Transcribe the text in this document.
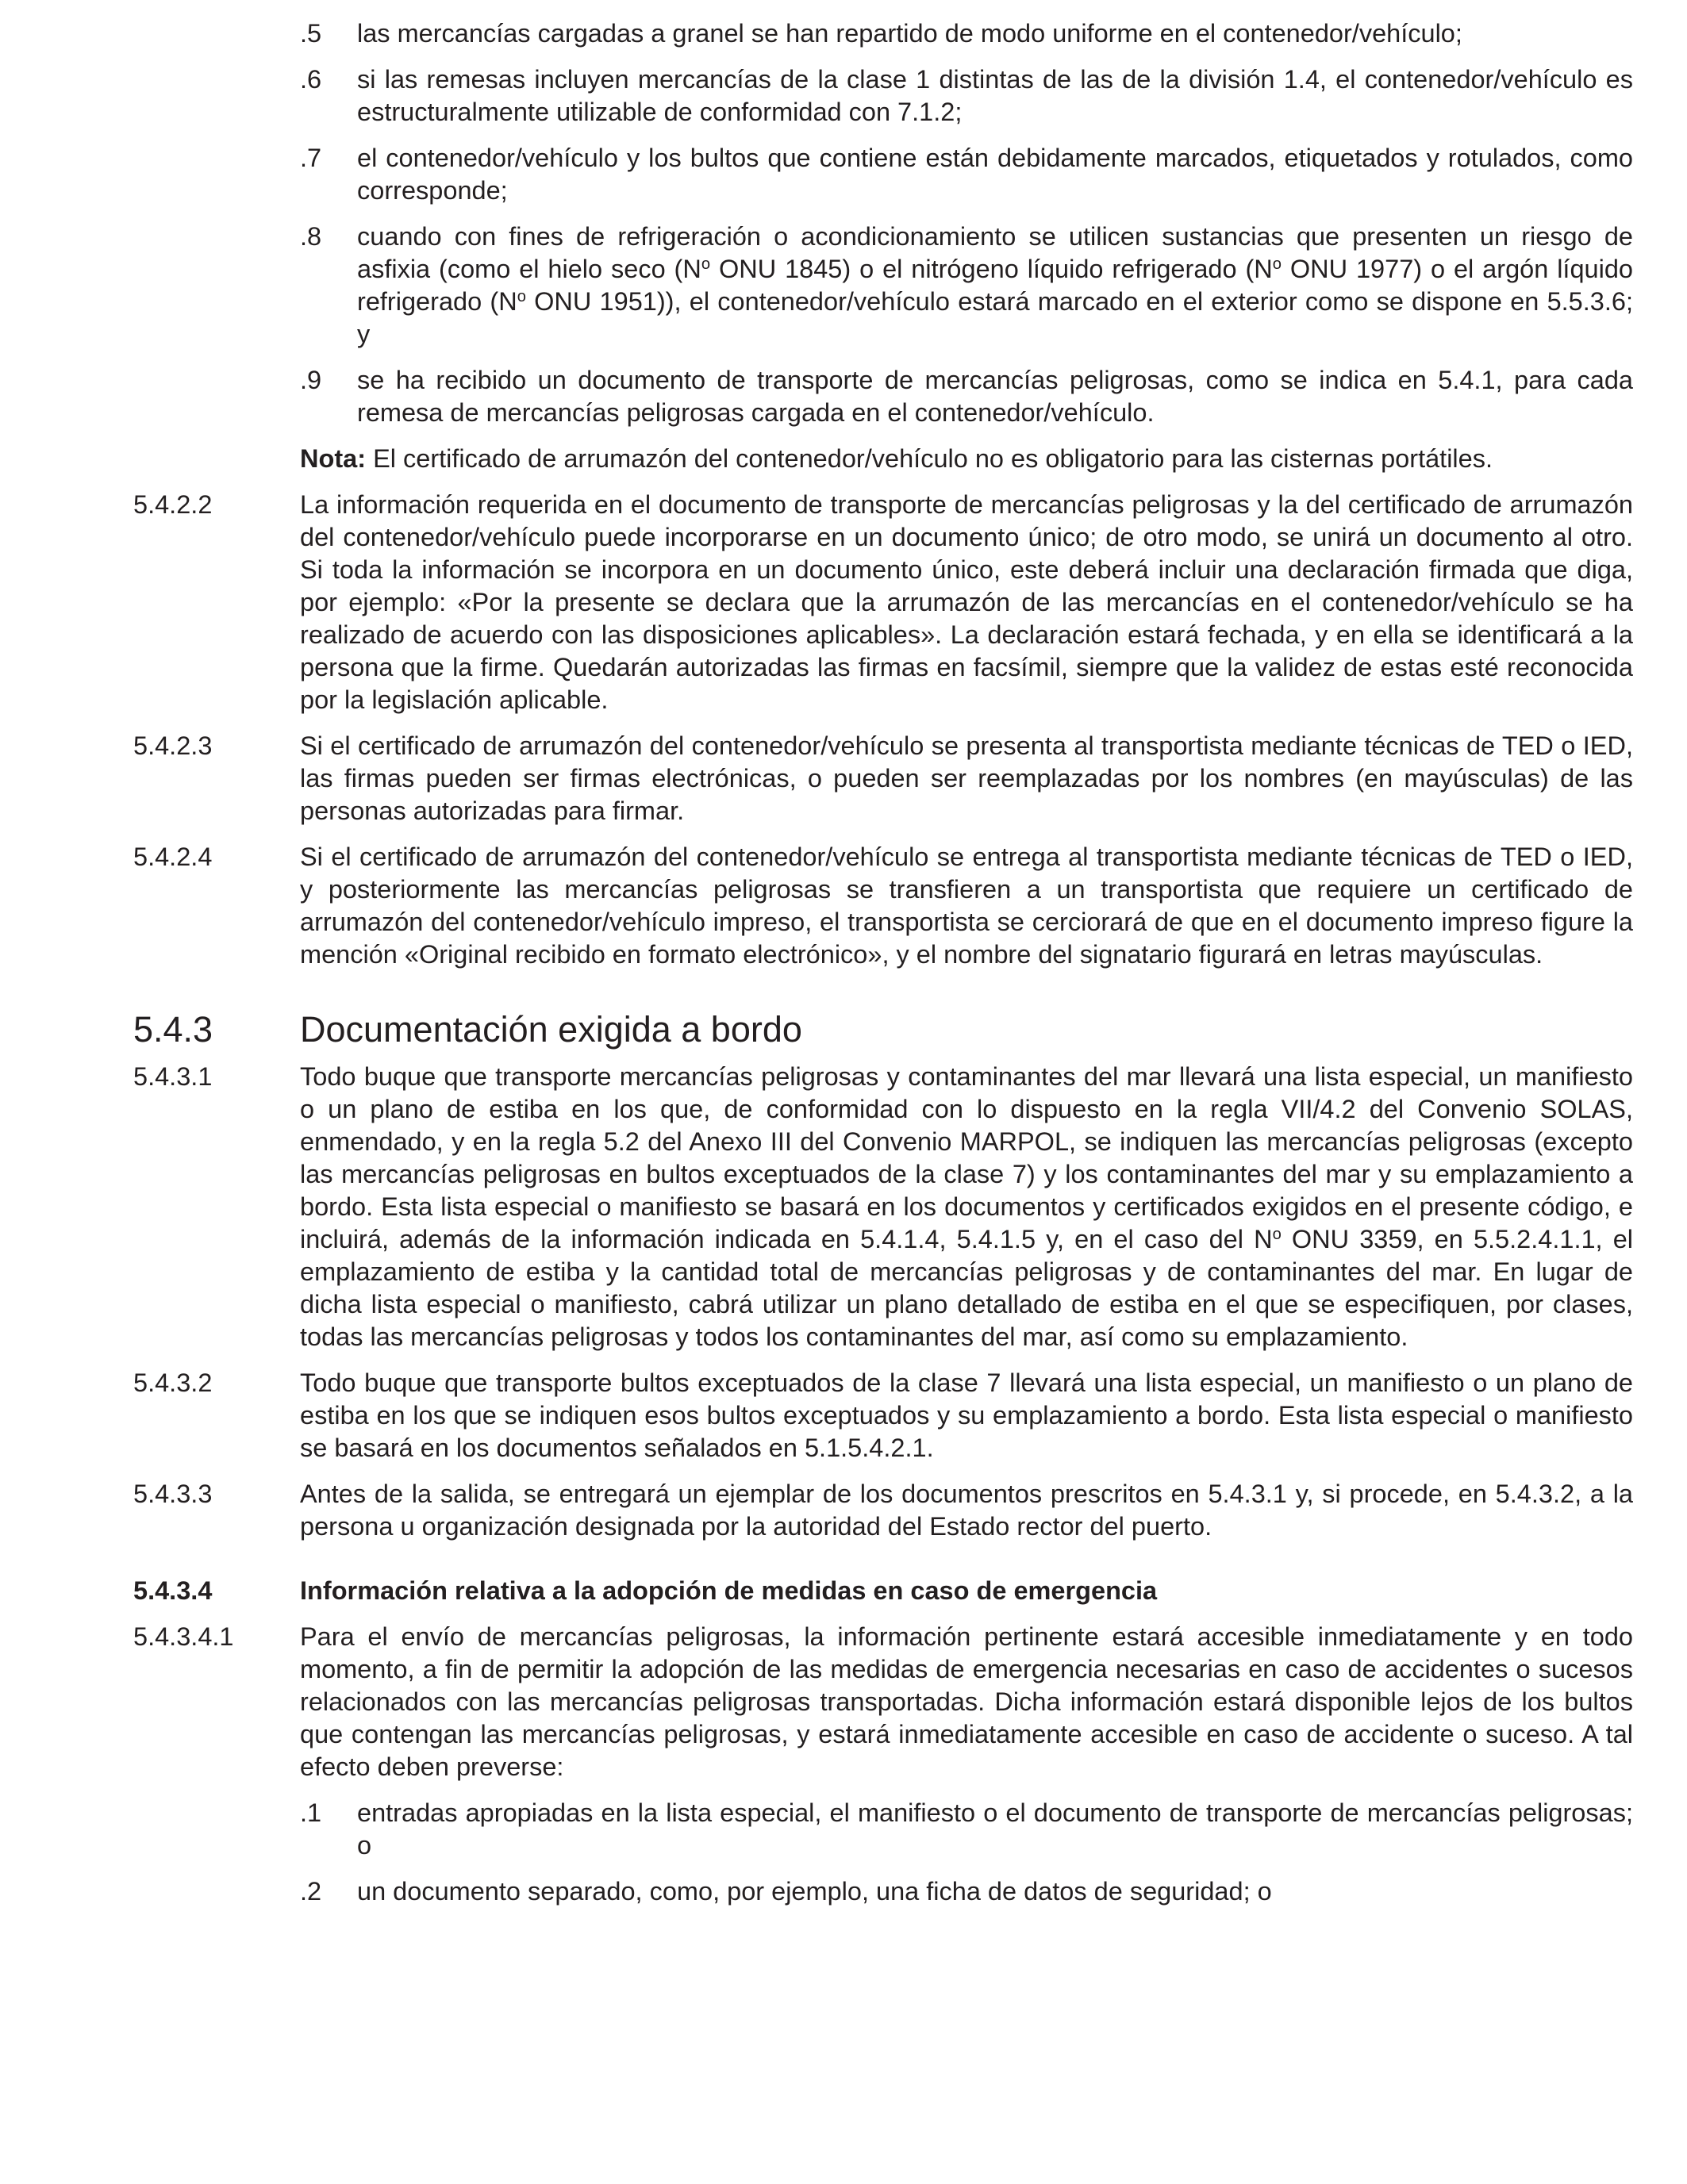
.5	las mercancías cargadas a granel se han repartido de modo uniforme en el contenedor/vehículo;
.6	si las remesas incluyen mercancías de la clase 1 distintas de las de la división 1.4, el contenedor/vehículo es estructuralmente utilizable de conformidad con 7.1.2;
.7	el contenedor/vehículo y los bultos que contiene están debidamente marcados, etiquetados y rotulados, como corresponde;
.8	cuando con fines de refrigeración o acondicionamiento se utilicen sustancias que presenten un riesgo de asfixia (como el hielo seco ($N^o$ ONU 1845) o el nitrógeno líquido refrigerado ($N^o$ ONU 1977) o el argón líquido refrigerado ($N^o$ ONU 1951)), el contenedor/vehículo estará marcado en el exterior como se dispone en 5.5.3.6; y
.9	se ha recibido un documento de transporte de mercancías peligrosas, como se indica en 5.4.1, para cada remesa de mercancías peligrosas cargada en el contenedor/vehículo.
Nota: El certificado de arrumazón del contenedor/vehículo no es obligatorio para las cisternas portátiles.
5.4.2.2	La información requerida en el documento de transporte de mercancías peligrosas y la del certificado de arrumazón del contenedor/vehículo puede incorporarse en un documento único; de otro modo, se unirá un documento al otro. Si toda la información se incorpora en un documento único, este deberá incluir una declaración firmada que diga, por ejemplo: «Por la presente se declara que la arrumazón de las mercancías en el contenedor/vehículo se ha realizado de acuerdo con las disposiciones aplicables». La declaración estará fechada, y en ella se identificará a la persona que la firme. Quedarán autorizadas las firmas en facsímil, siempre que la validez de estas esté reconocida por la legislación aplicable.
5.4.2.3	Si el certificado de arrumazón del contenedor/vehículo se presenta al transportista mediante técnicas de TED o IED, las firmas pueden ser firmas electrónicas, o pueden ser reemplazadas por los nombres (en mayúsculas) de las personas autorizadas para firmar.
5.4.2.4	Si el certificado de arrumazón del contenedor/vehículo se entrega al transportista mediante técnicas de TED o IED, y posteriormente las mercancías peligrosas se transfieren a un transportista que requiere un certificado de arrumazón del contenedor/vehículo impreso, el transportista se cerciorará de que en el documento impreso figure la mención «Original recibido en formato electrónico», y el nombre del signatario figurará en letras mayúsculas.
5.4.3 Documentación exigida a bordo
5.4.3.1	Todo buque que transporte mercancías peligrosas y contaminantes del mar llevará una lista especial, un manifiesto o un plano de estiba en los que, de conformidad con lo dispuesto en la regla VII/4.2 del Convenio SOLAS, enmendado, y en la regla 5.2 del Anexo III del Convenio MARPOL, se indiquen las mercancías peligrosas (excepto las mercancías peligrosas en bultos exceptuados de la clase 7) y los contaminantes del mar y su emplazamiento a bordo. Esta lista especial o manifiesto se basará en los documentos y certificados exigidos en el presente código, e incluirá, además de la información indicada en 5.4.1.4, 5.4.1.5 y, en el caso del $N^o$ ONU 3359, en 5.5.2.4.1.1, el emplazamiento de estiba y la cantidad total de mercancías peligrosas y de contaminantes del mar. En lugar de dicha lista especial o manifiesto, cabrá utilizar un plano detallado de estiba en el que se especifiquen, por clases, todas las mercancías peligrosas y todos los contaminantes del mar, así como su emplazamiento.
5.4.3.2	Todo buque que transporte bultos exceptuados de la clase 7 llevará una lista especial, un manifiesto o un plano de estiba en los que se indiquen esos bultos exceptuados y su emplazamiento a bordo. Esta lista especial o manifiesto se basará en los documentos señalados en 5.1.5.4.2.1.
5.4.3.3	Antes de la salida, se entregará un ejemplar de los documentos prescritos en 5.4.3.1 y, si procede, en 5.4.3.2, a la persona u organización designada por la autoridad del Estado rector del puerto.
5.4.3.4	Información relativa a la adopción de medidas en caso de emergencia
5.4.3.4.1	Para el envío de mercancías peligrosas, la información pertinente estará accesible inmediatamente y en todo momento, a fin de permitir la adopción de las medidas de emergencia necesarias en caso de accidentes o sucesos relacionados con las mercancías peligrosas transportadas. Dicha información estará disponible lejos de los bultos que contengan las mercancías peligrosas, y estará inmediatamente accesible en caso de accidente o suceso. A tal efecto deben preverse:
.1	entradas apropiadas en la lista especial, el manifiesto o el documento de transporte de mercancías peligrosas; o
.2	un documento separado, como, por ejemplo, una ficha de datos de seguridad; o
